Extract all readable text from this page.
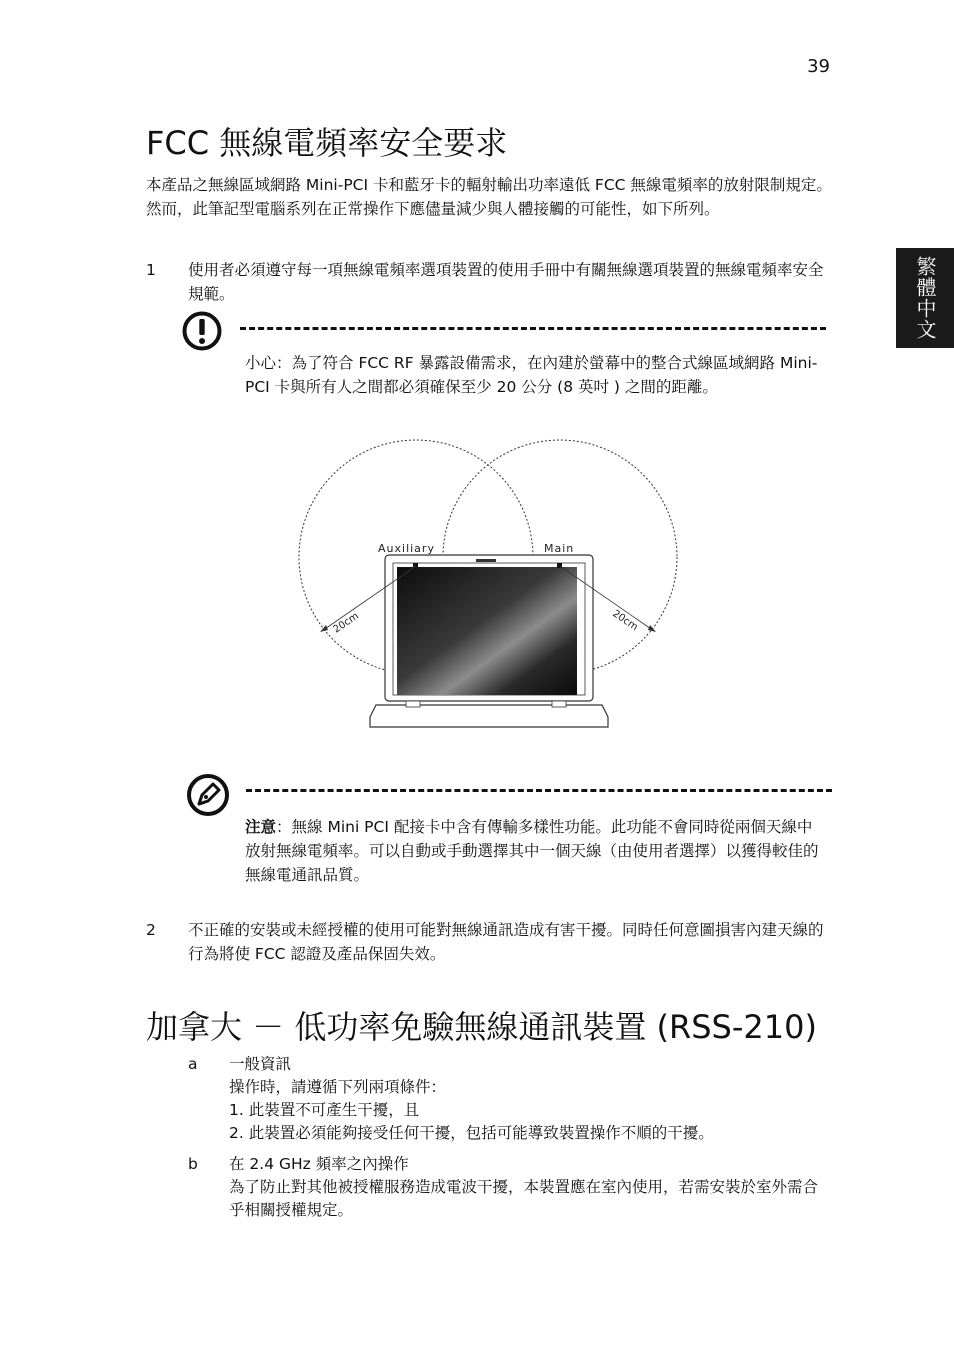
39
繁體中文
FCC 無線電頻率安全要求
本產品之無線區域網路 Mini-PCI 卡和藍牙卡的輻射輸出功率遠低 FCC 無線電頻率的放射限制規定。然而，此筆記型電腦系列在正常操作下應儘量減少與人體接觸的可能性，如下所列。
1 使用者必須遵守每一項無線電頻率選項裝置的使用手冊中有關無線選項裝置的無線電頻率安全規範。
小心：為了符合 FCC RF 暴露設備需求，在內建於螢幕中的整合式線區域網路 Mini-PCI 卡與所有人之間都必須確保至少 20 公分 (8 英吋 ) 之間的距離。
Auxiliary	Main
20cm	20cm
注意：無線 Mini PCI 配接卡中含有傳輸多樣性功能。此功能不會同時從兩個天線中放射無線電頻率。可以自動或手動選擇其中一個天線（由使用者選擇）以獲得較佳的無線電通訊品質。
2 不正確的安裝或未經授權的使用可能對無線通訊造成有害干擾。同時任何意圖損害內建天線的行為將使 FCC 認證及產品保固失效。
加拿大 － 低功率免驗無線通訊裝置 (RSS-210)
a 一般資訊
操作時，請遵循下列兩項條件：
1. 此裝置不可產生干擾，且
2. 此裝置必須能夠接受任何干擾，包括可能導致裝置操作不順的干擾。
b 在 2.4 GHz 頻率之內操作
為了防止對其他被授權服務造成電波干擾，本裝置應在室內使用，若需安裝於室外需合乎相關授權規定。
